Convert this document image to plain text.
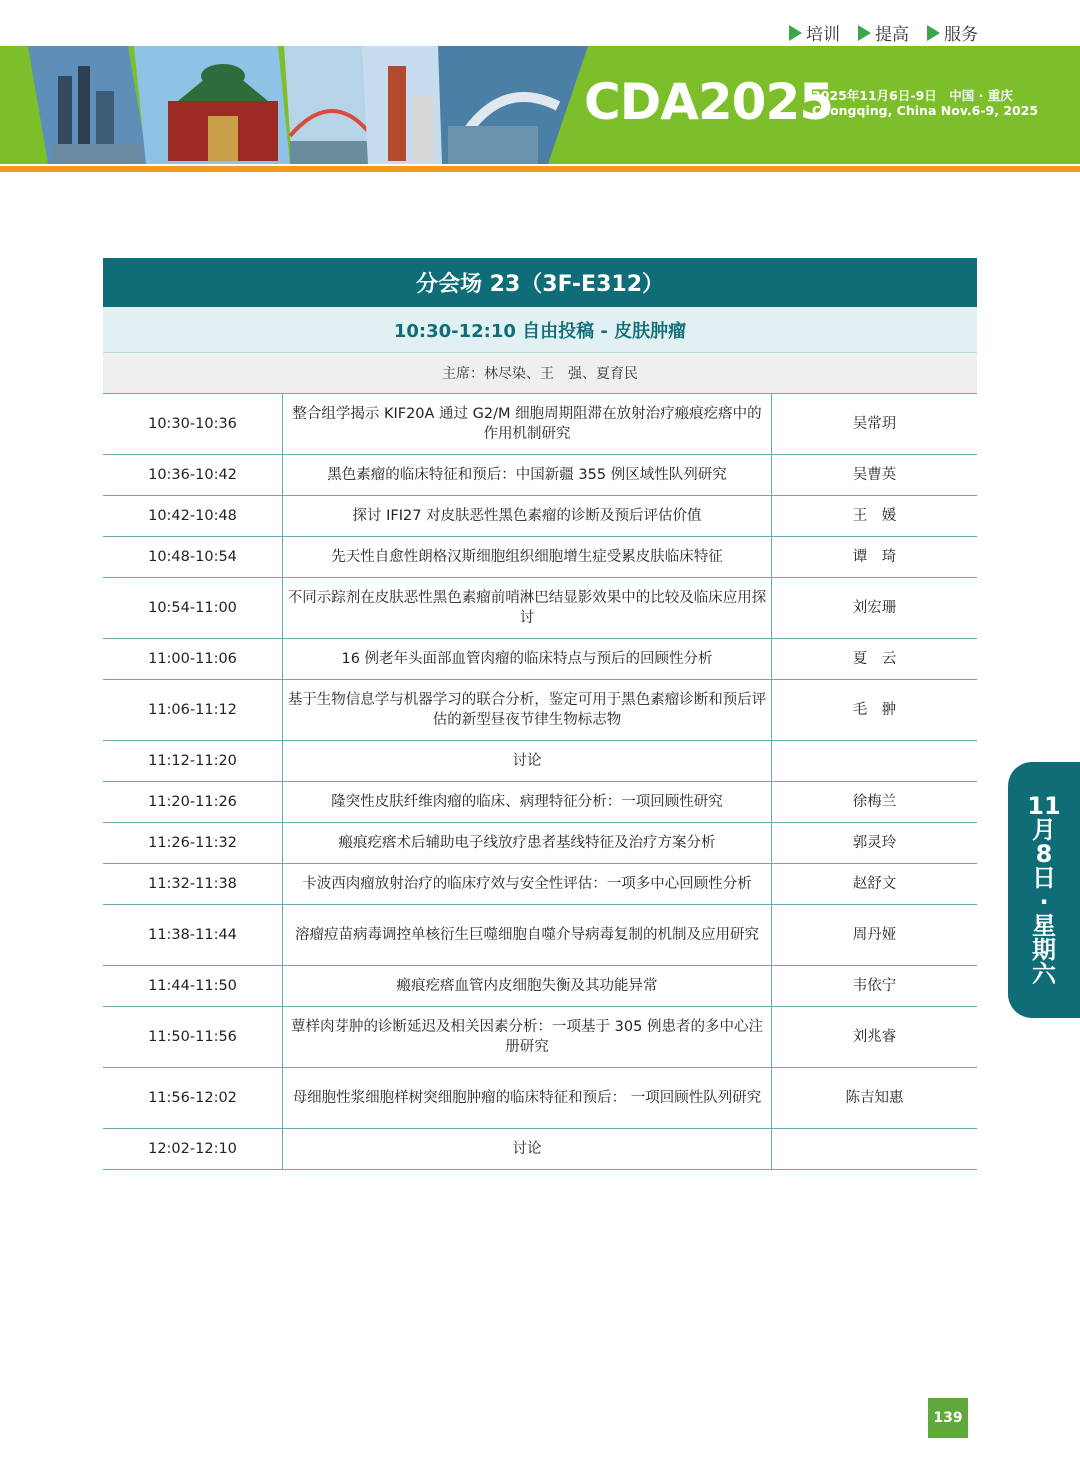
培训 提高 服务
CDA2025
2025年11月6日-9日　中国 · 重庆
Chongqing, China Nov.6-9, 2025
分会场 23（3F-E312）
10:30-12:10 自由投稿 - 皮肤肿瘤
主席：林尽染、王　强、夏育民
10:30-10:36	整合组学揭示 KIF20A 通过 G2/M 细胞周期阻滞在放射治疗瘢痕疙瘩中的作用机制研究	吴常玥
10:36-10:42	黑色素瘤的临床特征和预后：中国新疆 355 例区域性队列研究	吴曹英
10:42-10:48	探讨 IFI27 对皮肤恶性黑色素瘤的诊断及预后评估价值	王　媛
10:48-10:54	先天性自愈性朗格汉斯细胞组织细胞增生症受累皮肤临床特征	谭　琦
10:54-11:00	不同示踪剂在皮肤恶性黑色素瘤前哨淋巴结显影效果中的比较及临床应用探讨	刘宏珊
11:00-11:06	16 例老年头面部血管肉瘤的临床特点与预后的回顾性分析	夏　云
11:06-11:12	基于生物信息学与机器学习的联合分析，鉴定可用于黑色素瘤诊断和预后评估的新型昼夜节律生物标志物	毛　翀
11:12-11:20	讨论	
11:20-11:26	隆突性皮肤纤维肉瘤的临床、病理特征分析：一项回顾性研究	徐梅兰
11:26-11:32	瘢痕疙瘩术后辅助电子线放疗患者基线特征及治疗方案分析	郭灵玲
11:32-11:38	卡波西肉瘤放射治疗的临床疗效与安全性评估：一项多中心回顾性分析	赵舒文
11:38-11:44	溶瘤痘苗病毒调控单核衍生巨噬细胞自噬介导病毒复制的机制及应用研究	周丹娅
11:44-11:50	瘢痕疙瘩血管内皮细胞失衡及其功能异常	韦依宁
11:50-11:56	蕈样肉芽肿的诊断延迟及相关因素分析：一项基于 305 例患者的多中心注册研究	刘兆睿
11:56-12:02	母细胞性浆细胞样树突细胞肿瘤的临床特征和预后： 一项回顾性队列研究	陈吉知惠
12:02-12:10	讨论	
11
月
8
日
·
星
期
六
139
